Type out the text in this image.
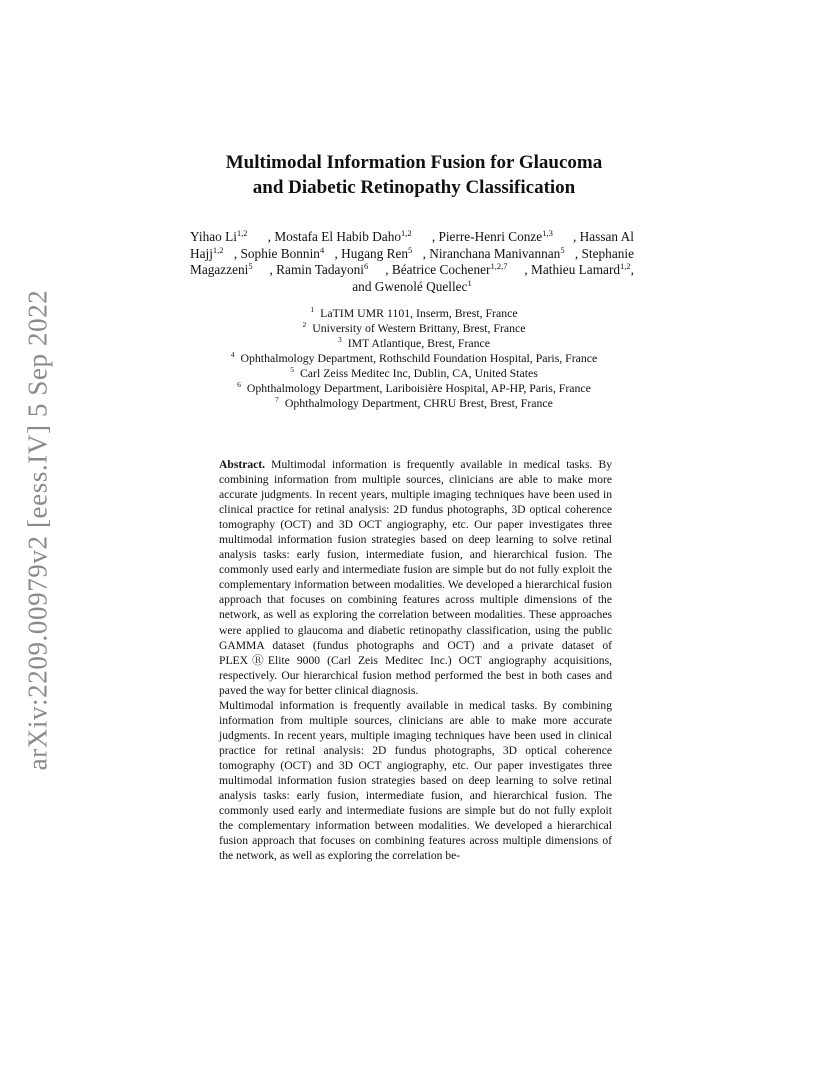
arXiv:2209.00979v2 [eess.IV] 5 Sep 2022
Multimodal Information Fusion for Glaucoma
and Diabetic Retinopathy Classification
Yihao Li$^{1,2}$ , Mostafa El Habib Daho$^{1,2}$ , Pierre-Henri Conze$^{1,3}$ , Hassan Al
Hajj$^{1,2}$ , Sophie Bonnin$^4$ , Hugang Ren$^5$ , Niranchana Manivannan$^5$ , Stephanie
Magazzeni$^5$ , Ramin Tadayoni$^6$ , Béatrice Cochener$^{1,2,7}$ , Mathieu Lamard$^{1,2}$,
and Gwenolé Quellec$^1$
$^1$ LaTIM UMR 1101, Inserm, Brest, France
$^2$ University of Western Brittany, Brest, France
$^3$ IMT Atlantique, Brest, France
$^4$ Ophthalmology Department, Rothschild Foundation Hospital, Paris, France
$^5$ Carl Zeiss Meditec Inc, Dublin, CA, United States
$^6$ Ophthalmology Department, Lariboisière Hospital, AP-HP, Paris, France
$^7$ Ophthalmology Department, CHRU Brest, Brest, France

Abstract. Multimodal information is frequently available in medical tasks. By combining information from multiple sources, clinicians are able to make more accurate judgments. In recent years, multiple imaging techniques have been used in clinical practice for retinal analysis: 2D fundus photographs, 3D optical coherence tomography (OCT) and 3D OCT angiography, etc. Our paper investigates three multimodal information fusion strategies based on deep learning to solve retinal analysis tasks: early fusion, intermediate fusion, and hierarchical fusion. The commonly used early and intermediate fusion are simple but do not fully exploit the complementary information between modalities. We developed a hierarchical fusion approach that focuses on combining features across multiple dimensions of the network, as well as exploring the correlation between modalities. These approaches were applied to glaucoma and diabetic retinopathy classification, using the public GAMMA dataset (fundus photographs and OCT) and a private dataset of PLEXⓇElite 9000 (Carl Zeis Meditec Inc.) OCT angiography acquisitions, respectively. Our hierarchical fusion method performed the best in both cases and paved the way for better clinical diagnosis.

Multimodal information is frequently available in medical tasks. By combining information from multiple sources, clinicians are able to make more accurate judgments. In recent years, multiple imaging techniques have been used in clinical practice for retinal analysis: 2D fundus photographs, 3D optical coherence tomography (OCT) and 3D OCT angiography, etc. Our paper investigates three multimodal information fusion strategies based on deep learning to solve retinal analysis tasks: early fusion, intermediate fusion, and hierarchical fusion. The commonly used early and intermediate fusions are simple but do not fully exploit the complementary information between modalities. We developed a hierarchical fusion approach that focuses on combining features across multiple dimensions of the network, as well as exploring the correlation be-
